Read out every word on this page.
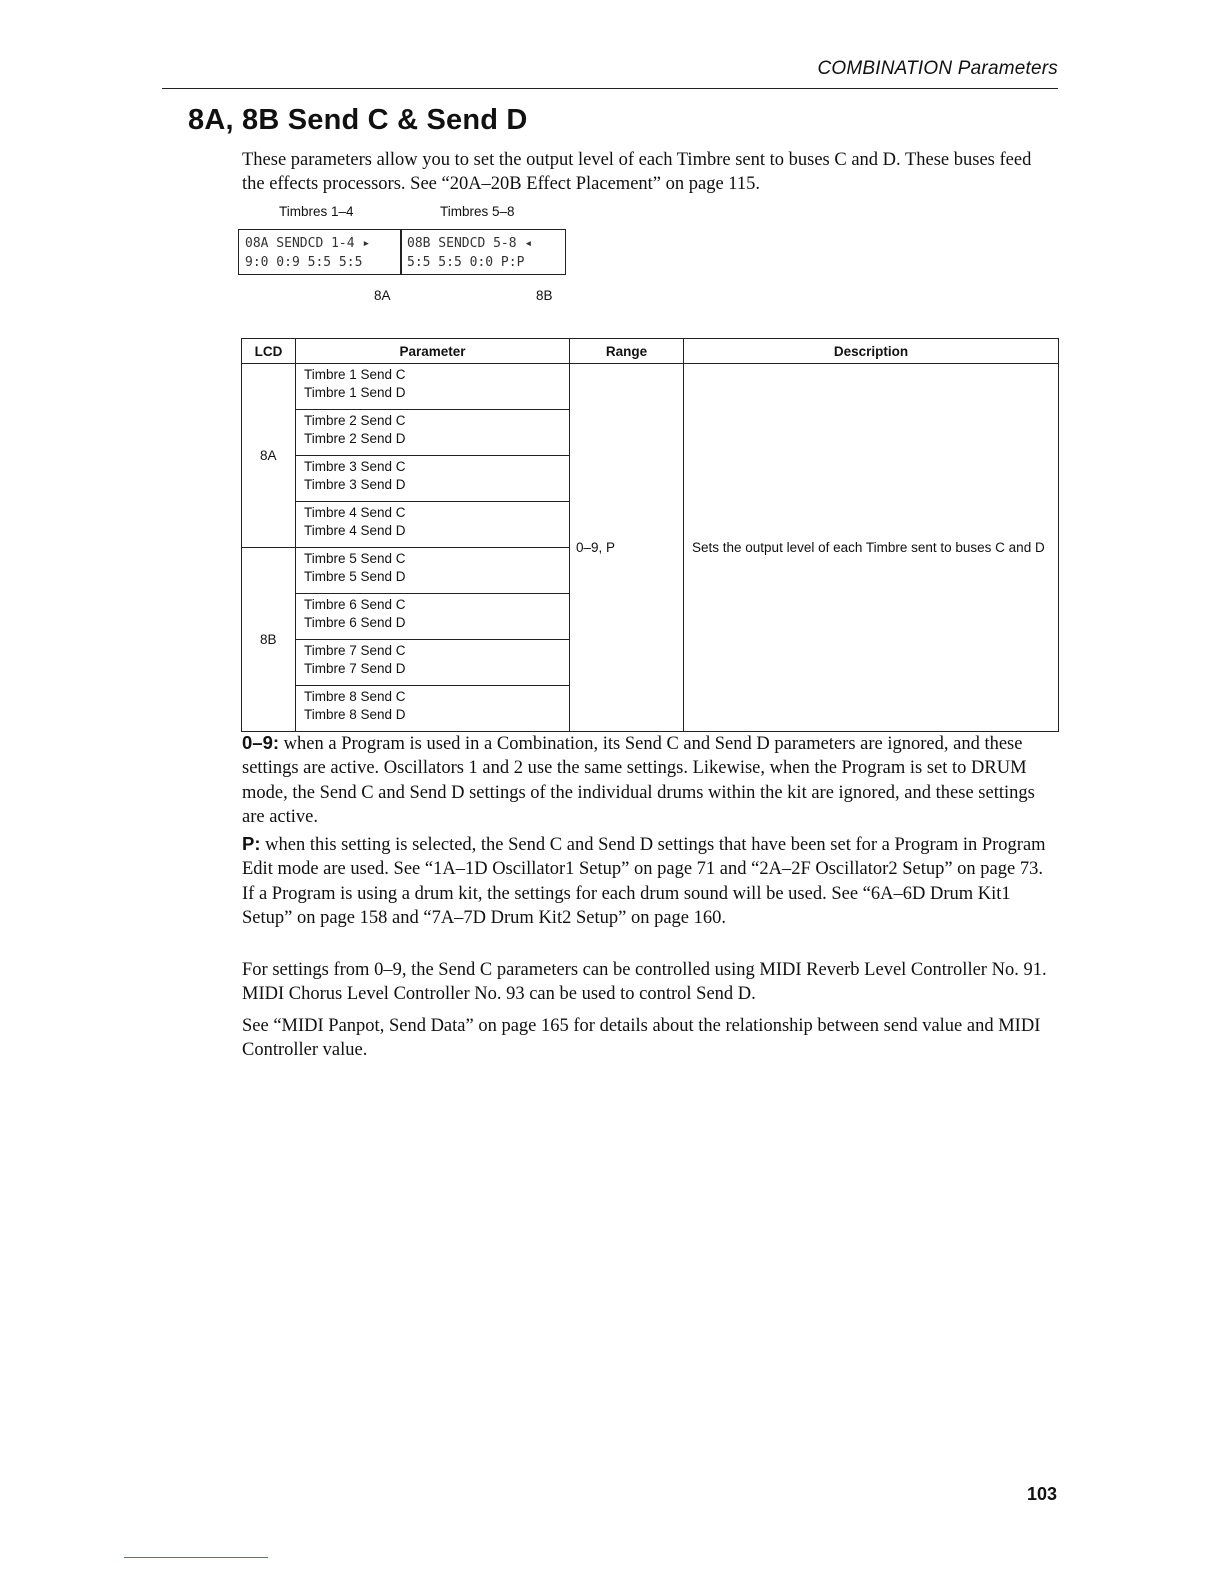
COMBINATION Parameters
8A, 8B Send C & Send D

These parameters allow you to set the output level of each Timbre sent to buses C and D. These buses feed the effects processors. See “20A–20B Effect Placement” on page 115.

Timbres 1–4	Timbres 5–8
08A SENDCD 1-4 ▸
9:0 0:9 5:5 5:5
08B SENDCD 5-8 ◂
5:5 5:5 0:0 P:P
8A	8B
LCD	Parameter	Range	Description
8A	Timbre 1 Send C
Timbre 1 Send D	0–9, P	Sets the output level of each Timbre sent to buses C and D

	Timbre 2 Send C
Timbre 2 Send D		

	Timbre 3 Send C
Timbre 3 Send D		

	Timbre 4 Send C
Timbre 4 Send D		

8B	Timbre 5 Send C
Timbre 5 Send D		

	Timbre 6 Send C
Timbre 6 Send D		

	Timbre 7 Send C
Timbre 7 Send D		

	Timbre 8 Send C
Timbre 8 Send D		

0–9: when a Program is used in a Combination, its Send C and Send D parameters are ignored, and these settings are active. Oscillators 1 and 2 use the same settings. Likewise, when the Program is set to DRUM mode, the Send C and Send D settings of the individual drums within the kit are ignored, and these settings are active.

P: when this setting is selected, the Send C and Send D settings that have been set for a Program in Program Edit mode are used. See “1A–1D Oscillator1 Setup” on page 71 and “2A–2F Oscillator2 Setup” on page 73. If a Program is using a drum kit, the settings for each drum sound will be used. See “6A–6D Drum Kit1 Setup” on page 158 and “7A–7D Drum Kit2 Setup” on page 160.

For settings from 0–9, the Send C parameters can be controlled using MIDI Reverb Level Controller No. 91. MIDI Chorus Level Controller No. 93 can be used to control Send D.

See “MIDI Panpot, Send Data” on page 165 for details about the relationship between send value and MIDI Controller value.

103
